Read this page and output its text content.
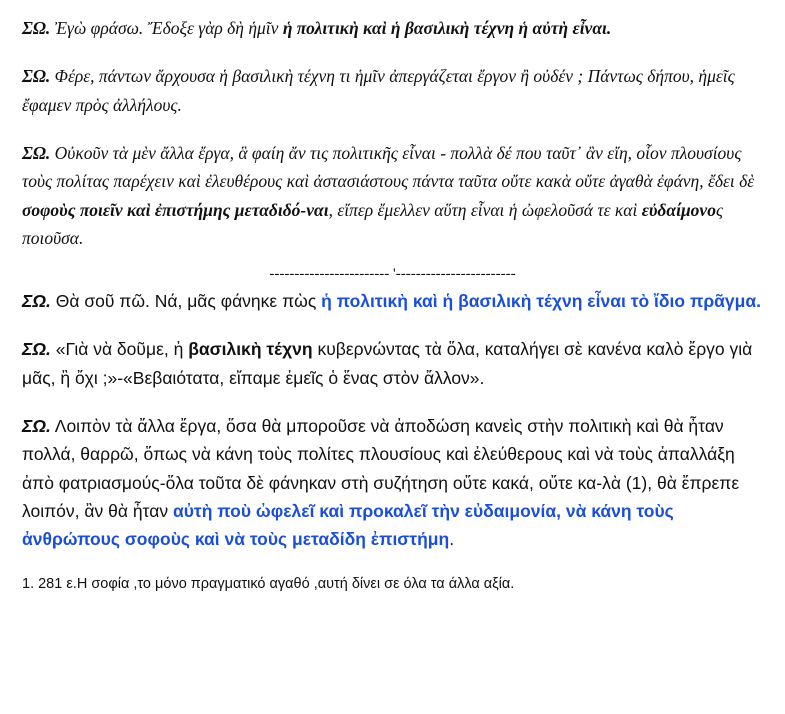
ΣΩ. Ἐγὼ φράσω. Ἔδοξε γὰρ δὴ ἡμῖν ἡ πολιτικὴ καὶ ἡ βασιλικὴ τέχνη ἡ αὐτὴ εἶναι.

ΣΩ. Φέρε, πάντων ἄρχουσα ἡ βασιλικὴ τέχνη τι ἡμῖν ἀπεργάζεται ἔργον ἢ οὐδέν ; Πάντως δήπου, ἡμεῖς ἔφαμεν πρὸς ἀλλήλους.

ΣΩ. Οὐκοῦν τὰ μὲν ἄλλα ἔργα, ἃ φαίη ἄν τις πολιτικῆς εἶναι - πολλὰ δέ που ταῦτ᾿ ἂν εἴη, οἷον πλουσίους τοὺς πολίτας παρέχειν καὶ ἐλευθέρους καὶ ἀστασιάστους πάντα ταῦτα οὔτε κακὰ οὔτε ἀγαθὰ ἐφάνη, ἔδει δὲ σοφοὺς ποιεῖν καὶ ἐπιστήμης μεταδιδό-ναι, εἴπερ ἔμελλεν αὕτη εἶναι ἡ ὠφελοῦσά τε καὶ εὐδαίμονος ποιοῦσα.

------------------------ '------------------------

ΣΩ. Θὰ σοῦ πῶ. Νά, μᾶς φάνηκε πὼς ἡ πολιτικὴ καὶ ἡ βασιλικὴ τέχνη εἶναι τὸ ἴδιο πρᾶγμα.

ΣΩ. «Γιὰ νὰ δοῦμε, ἡ βασιλικὴ τέχνη κυβερνώντας τὰ ὅλα, καταλήγει σὲ κανένα καλὸ ἔργο γιὰ μᾶς, ἢ ὄχι ;»-«Βεβαιότατα, εἴπαμε ἐμεῖς ὁ ἕνας στὸν ἄλλον».

ΣΩ. Λοιπὸν τὰ ἄλλα ἔργα, ὅσα θὰ μποροῦσε νὰ ἀποδώση κανεὶς στὴν πολιτικὴ καὶ θὰ ἦταν πολλά, θαρρῶ, ὅπως νὰ κάνη τοὺς πολίτες πλουσίους καὶ ἐλεύθερους καὶ νὰ τοὺς ἀπαλλάξη ἀπὸ φατριασμούς-ὅλα τοῦτα δὲ φάνηκαν στὴ συζήτηση οὔτε κακά, οὔτε κα-λὰ (1), θὰ ἔπρεπε λοιπόν, ἂν θὰ ἦταν αὐτὴ ποὺ ὠφελεῖ καὶ προκαλεῖ τὴν εὐδαιμονία, νὰ κάνη τοὺς ἀνθρώπους σοφοὺς καὶ νὰ τοὺς μεταδίδη ἐπιστήμη.

1. 281 ε.Η σοφία ,το μόνο πραγματικό αγαθό ,αυτή δίνει σε όλα τα άλλα αξία.
